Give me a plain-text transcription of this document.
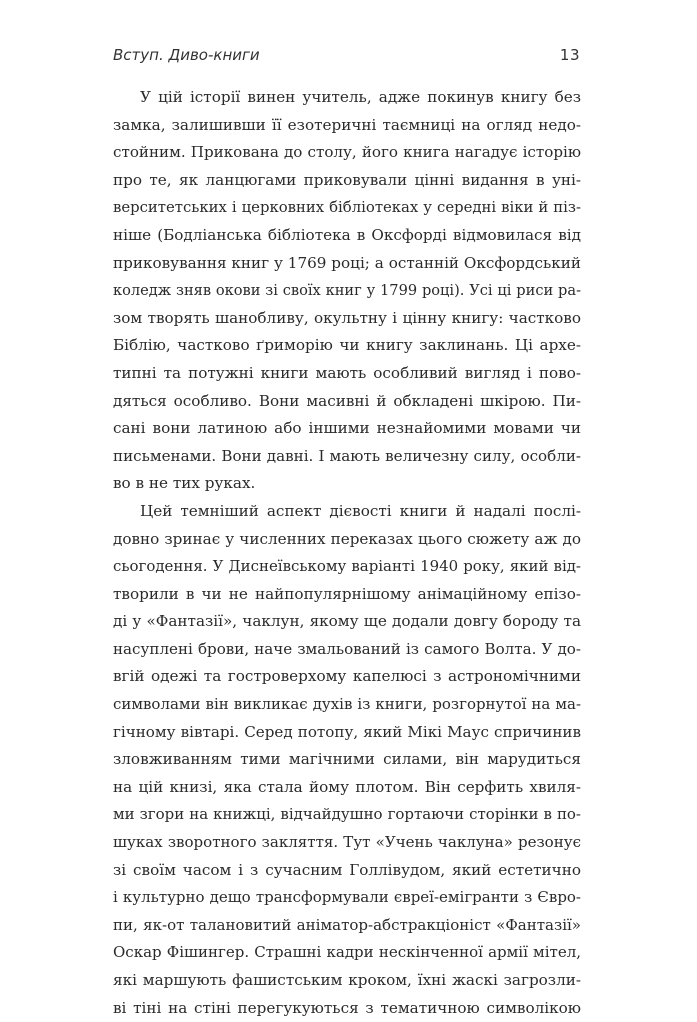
Вступ. Диво-книги	13
У цій історії винен учитель, адже покинув книгу без
замка, залишивши її езотеричні таємниці на огляд недо-
стойним. Прикована до столу, його книга нагадує історію
про те, як ланцюгами приковували цінні видання в уні-
верситетських і церковних бібліотеках у середні віки й пiз-
ніше (Бодліанська бібліотека в Оксфорді відмовилася від
приковування книг у 1769 році; а останній Оксфордський
коледж зняв окови зі своїх книг у 1799 році). Усі ці риси ра-
зом творять шанобливу, окультну і цінну книгу: частково
Біблію, частково ґриморію чи книгу заклинань. Ці архе-
типні та потужні книги мають особливий вигляд і пово-
дяться особливо. Вони масивні й обкладені шкірою. Пи-
сані вони латиною або іншими незнайомими мовами чи
письменами. Вони давні. І мають величезну силу, особли-
во в не тих руках.
Цей темніший аспект дієвості книги й надалі послі-
довно зринає у численних переказах цього сюжету аж до
сьогодення. У Диснеївському варіанті 1940 року, який від-
творили в чи не найпопулярнішому анімаційному епізо-
ді у «Фантазії», чаклун, якому ще додали довгу бороду та
насуплені брови, наче змальований із самого Волта. У до-
вгій одежі та гостроверхому капелюсі з астрономічними
символами він викликає духів із книги, розгорнутої на ма-
гічному вівтарі. Серед потопу, який Мікі Маус спричинив
зловживанням тими магічними силами, він марудиться
на цій книзі, яка стала йому плотом. Він серфить хвиля-
ми згори на книжці, відчайдушно гортаючи сторінки в по-
шуках зворотного закляття. Тут «Учень чаклуна» резонує
зі своїм часом і з сучасним Голлівудом, який естетично
і культурно дещо трансформували євреї-емігранти з Євро-
пи, як-от талановитий аніматор-абстракціоніст «Фантазії»
Оскар Фішингер. Страшні кадри нескінченної армії мітел,
які маршують фашистським кроком, їхні жаскі загрозли-
ві тіні на стіні перегукуються з тематичною символікою
